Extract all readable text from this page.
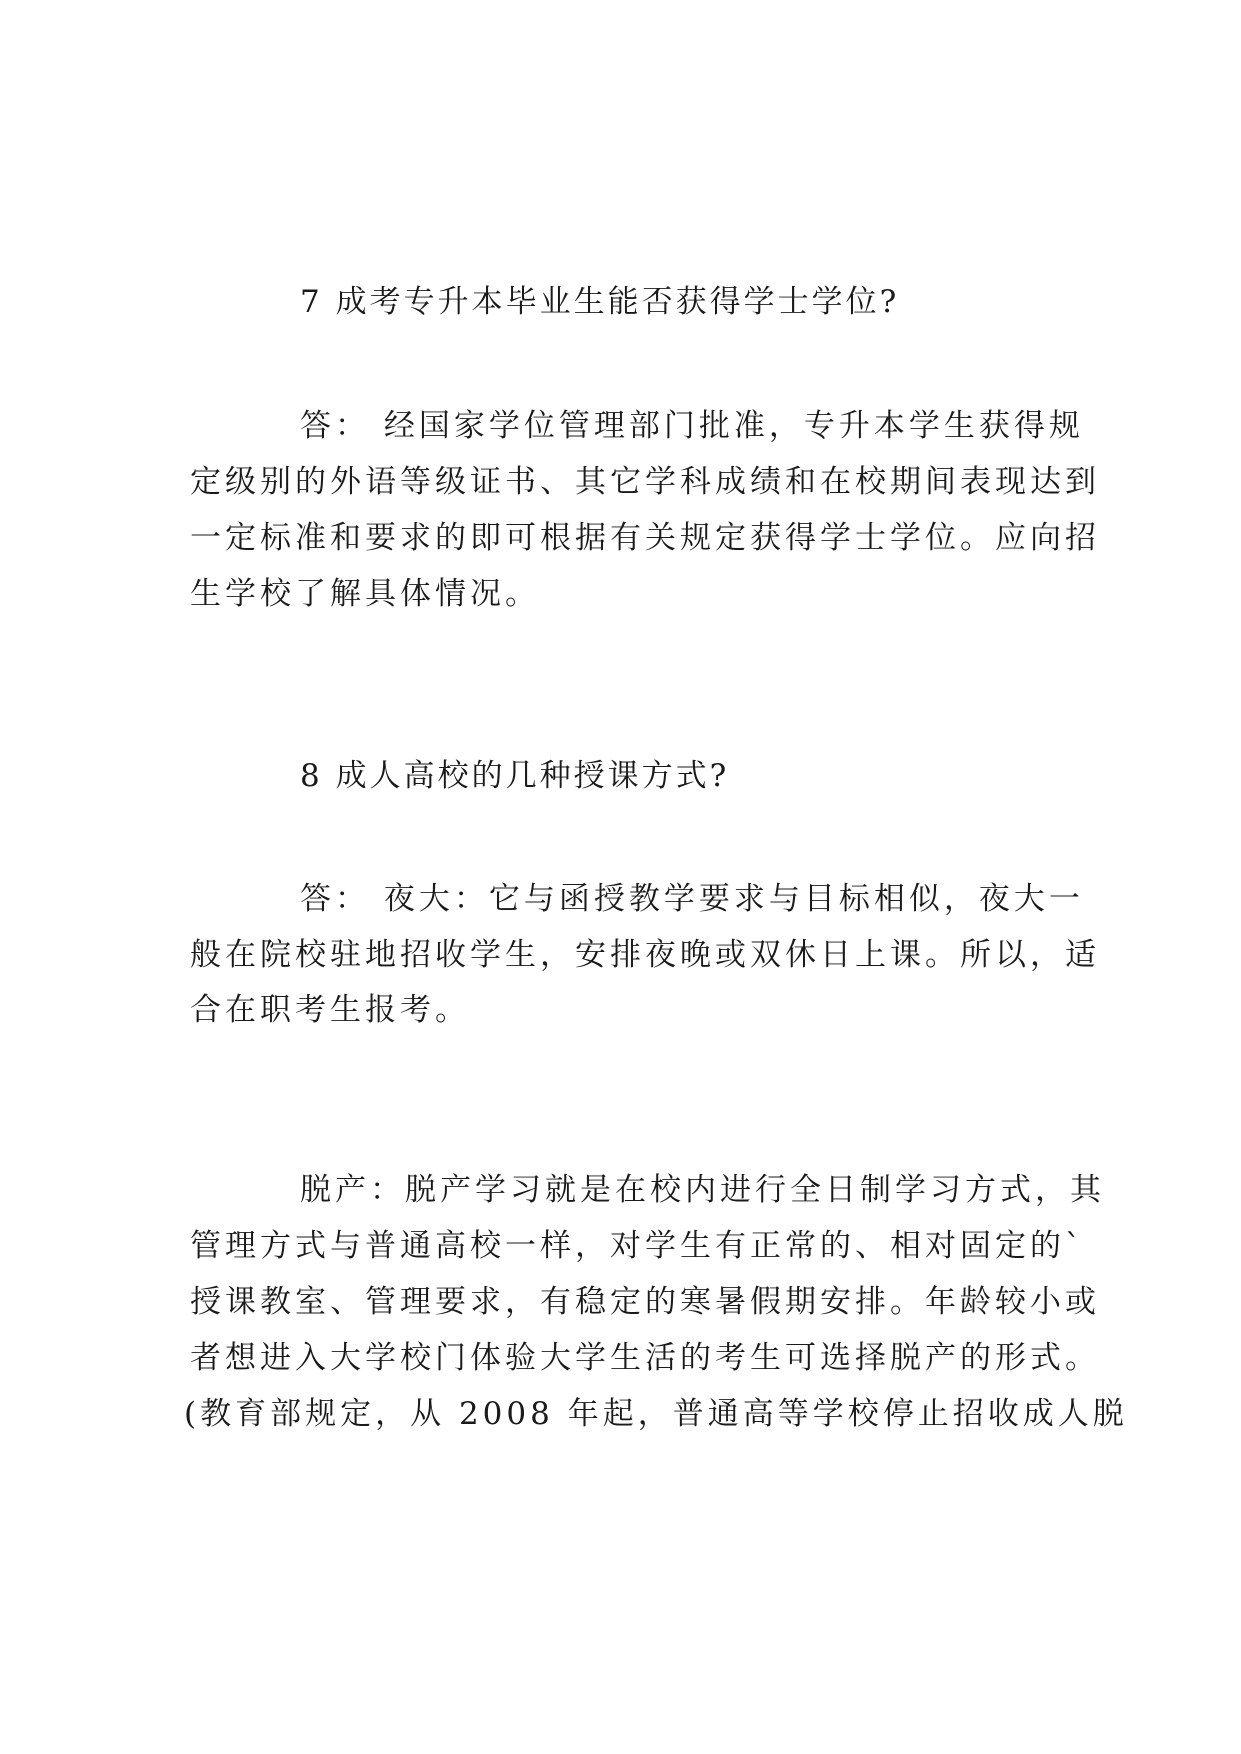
7 成考专升本毕业生能否获得学士学位?
答： 经国家学位管理部门批准，专升本学生获得规
定级别的外语等级证书、其它学科成绩和在校期间表现达到
一定标准和要求的即可根据有关规定获得学士学位。应向招
生学校了解具体情况。
8 成人高校的几种授课方式?
答： 夜大：它与函授教学要求与目标相似，夜大一
般在院校驻地招收学生，安排夜晚或双休日上课。所以，适
合在职考生报考。
脱产：脱产学习就是在校内进行全日制学习方式，其
管理方式与普通高校一样，对学生有正常的、相对固定的`
授课教室、管理要求，有稳定的寒暑假期安排。年龄较小或
者想进入大学校门体验大学生活的考生可选择脱产的形式。
(教育部规定，从 2008 年起，普通高等学校停止招收成人脱
